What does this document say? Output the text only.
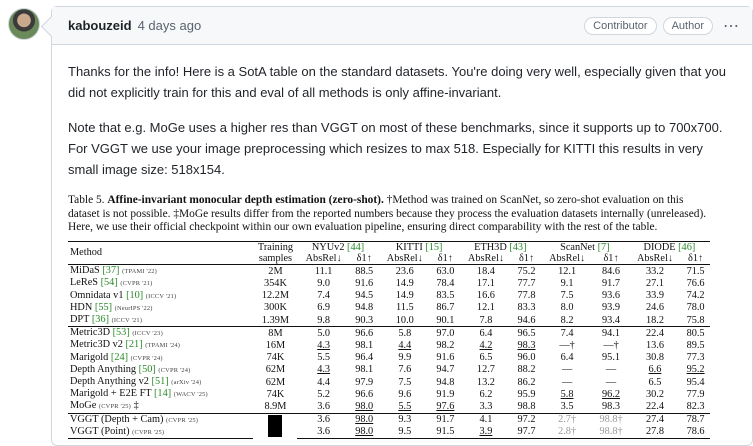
kabouzeid 4 days ago	Contributor	Author	⋯

Thanks for the info! Here is a SotA table on the standard datasets. You're doing very well, especially given that you did not explicitly train for this and eval of all methods is only affine-invariant.

Note that e.g. MoGe uses a higher res than VGGT on most of these benchmarks, since it supports up to 700x700. For VGGT we use your image preprocessing which resizes to max 518. Especially for KITTI this results in very small image size: 518x154.

Table 5. Affine-invariant monocular depth estimation (zero-shot). †Method was trained on ScanNet, so zero-shot evaluation on this dataset is not possible. ‡MoGe results differ from the reported numbers because they process the evaluation datasets internally (unreleased). Here, we use their official checkpoint within our own evaluation pipeline, ensuring direct comparability with the rest of the table.
Method	Training samples	NYUv2 [44]		KITTI [15]		ETH3D [43]		ScanNet [7]		DIODE [46]	
		AbsRel↓	δ1↑	AbsRel↓	δ1↑	AbsRel↓	δ1↑	AbsRel↓	δ1↑	AbsRel↓	δ1↑
MiDaS [37] (TPAMI '22)	2M	11.1	88.5	23.6	63.0	18.4	75.2	12.1	84.6	33.2	71.5
LeReS [54] (CVPR '21)	354K	9.0	91.6	14.9	78.4	17.1	77.7	9.1	91.7	27.1	76.6
Omnidata v1 [10] (ICCV '21)	12.2M	7.4	94.5	14.9	83.5	16.6	77.8	7.5	93.6	33.9	74.2
HDN [55] (NeurIPS '22)	300K	6.9	94.8	11.5	86.7	12.1	83.3	8.0	93.9	24.6	78.0
DPT [36] (ICCV '21)	1.39M	9.8	90.3	10.0	90.1	7.8	94.6	8.2	93.4	18.2	75.8
Metric3D [53] (ICCV '23)	8M	5.0	96.6	5.8	97.0	6.4	96.5	7.4	94.1	22.4	80.5
Metric3D v2 [21] (TPAMI '24)	16M	4.3	98.1	4.4	98.2	4.2	98.3	—†	—†	13.6	89.5
Marigold [24] (CVPR '24)	74K	5.5	96.4	9.9	91.6	6.5	96.0	6.4	95.1	30.8	77.3
Depth Anything [50] (CVPR '24)	62M	4.3	98.1	7.6	94.7	12.7	88.2	—	—	6.6	95.2
Depth Anything v2 [51] (arXiv '24)	62M	4.4	97.9	7.5	94.8	13.2	86.2	—	—	6.5	95.4
Marigold + E2E FT [14] (WACV '25)	74K	5.2	96.6	9.6	91.9	6.2	95.9	5.8	96.2	30.2	77.9
MoGe (CVPR '25) ‡	8.9M	3.6	98.0	5.5	97.6	3.3	98.8	3.5	98.3	22.4	82.3
VGGT (Depth + Cam) (CVPR '25)		3.6	98.0	9.3	91.7	4.1	97.2	2.7†	98.8†	27.4	78.7
VGGT (Point) (CVPR '25)		3.6	98.0	9.5	91.5	3.9	97.7	2.8†	98.8†	27.8	78.6
